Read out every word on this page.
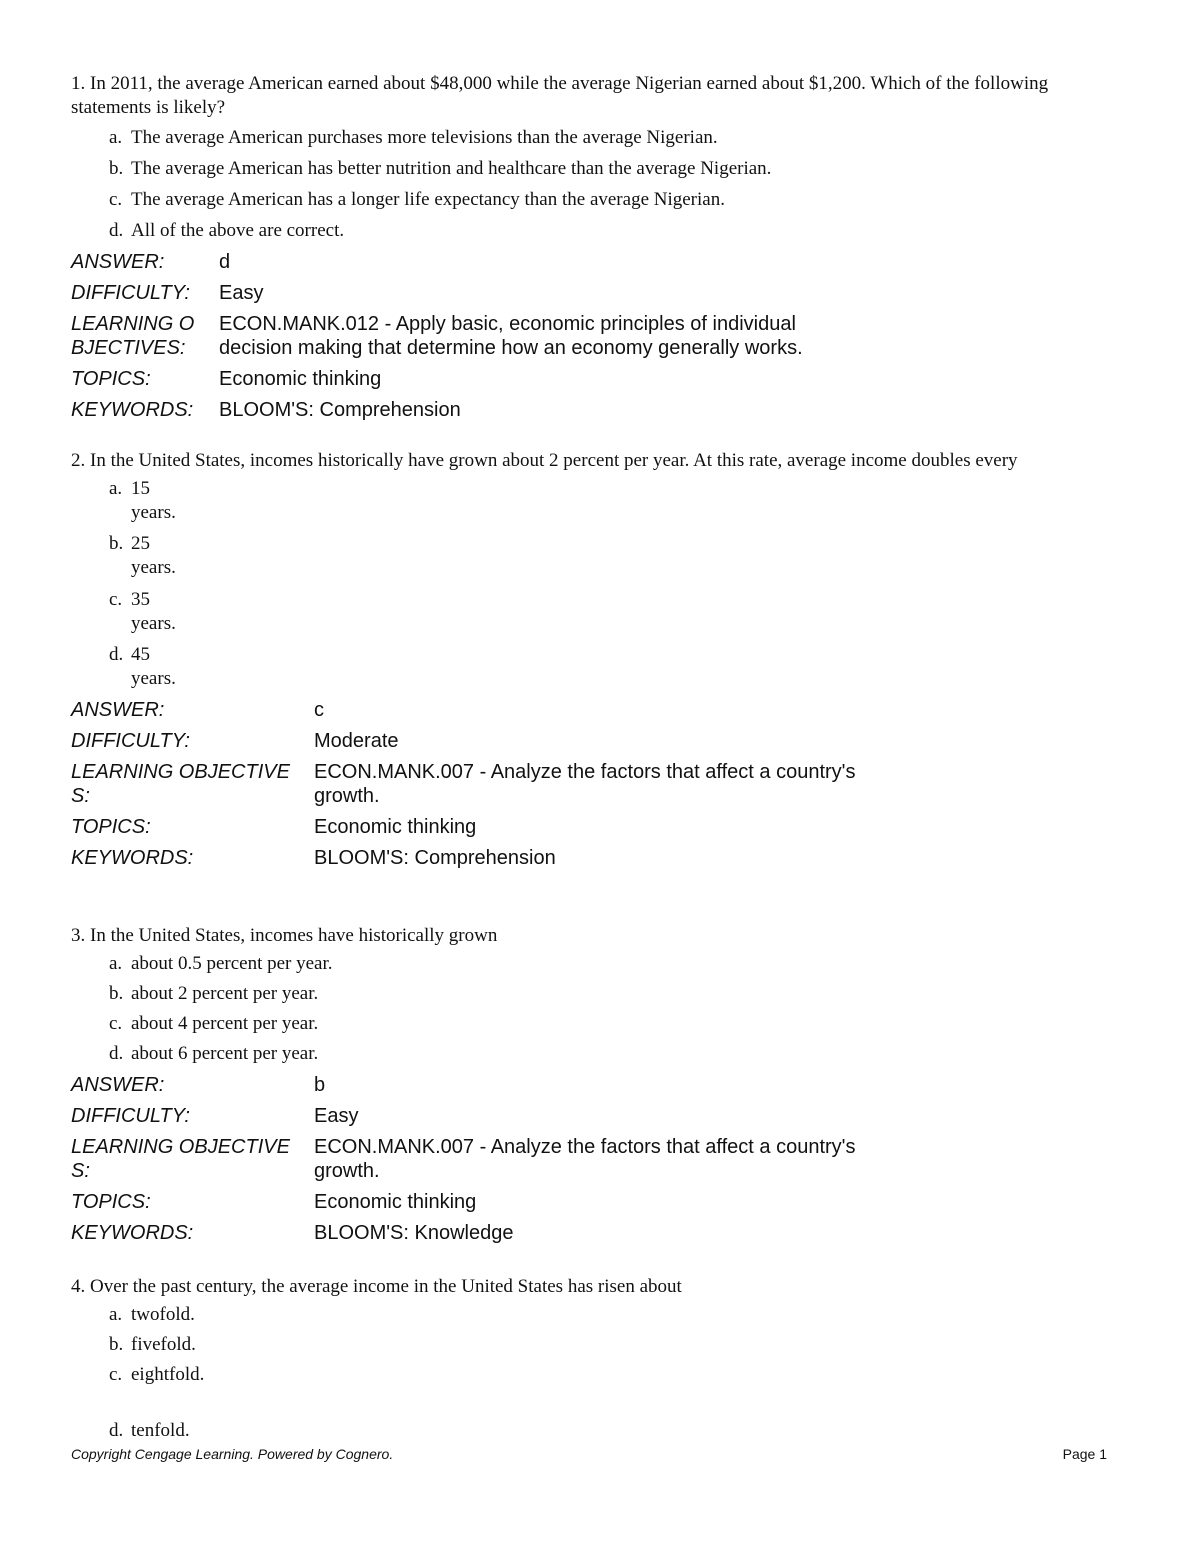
1. In 2011, the average American earned about $48,000 while the average Nigerian earned about $1,200. Which of the following statements is likely?

a. The average American purchases more televisions than the average Nigerian.
b. The average American has better nutrition and healthcare than the average Nigerian.
c. The average American has a longer life expectancy than the average Nigerian.
d. All of the above are correct.
ANSWER:	d
DIFFICULTY:	Easy
LEARNING O BJECTIVES:	ECON.MANK.012 - Apply basic, economic principles of individual decision making that determine how an economy generally works.
TOPICS:	Economic thinking
KEYWORDS:	BLOOM'S: Comprehension

2. In the United States, incomes historically have grown about 2 percent per year. At this rate, average income doubles every

a. 15 years.
b. 25 years.
c. 35 years.
d. 45 years.
ANSWER:	c
DIFFICULTY:	Moderate
LEARNING OBJECTIVE S:	ECON.MANK.007 - Analyze the factors that affect a country's growth.
TOPICS:	Economic thinking
KEYWORDS:	BLOOM'S: Comprehension

3. In the United States, incomes have historically grown

a. about 0.5 percent per year.
b. about 2 percent per year.
c. about 4 percent per year.
d. about 6 percent per year.
ANSWER:	b
DIFFICULTY:	Easy
LEARNING OBJECTIVE S:	ECON.MANK.007 - Analyze the factors that affect a country's growth.
TOPICS:	Economic thinking
KEYWORDS:	BLOOM'S: Knowledge

4. Over the past century, the average income in the United States has risen about

a. twofold.
b. fivefold.
c. eightfold.
d. tenfold.
Copyright Cengage Learning. Powered by Cognero.	Page 1
